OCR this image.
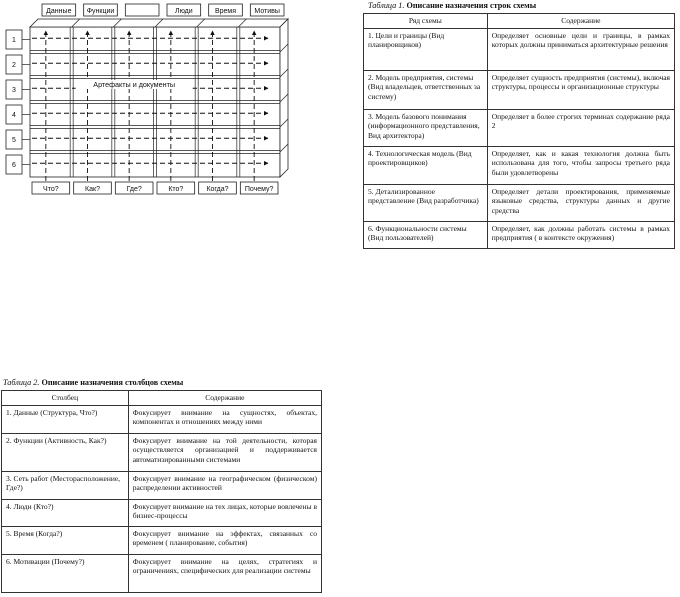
Данные Функции	Люди	Время	Мотивы
1
2
3
4
5
6
Что?	Как?	Где?	Кто?	Когда? Почему?
Артефакты и документы
Таблица 1. Описание назначения строк схемы
Ряд схемы	Содержание
1. Цели и границы (Вид планировщиков)	Определяет основные цели и границы, в рамках которых должны приниматься архитектурные решения
2. Модель предприятия, системы (Вид владельцев, ответственных за систему)	Определяет сущность предприятия (системы), включая структуры, процессы и организационные структуры
3. Модель базового понимания (информационного представления, Вид архитектора)	Определяет в более строгих терминах содержание ряда 2
4. Технологическая модель (Вид проектировщиков)	Определяет, как и какая технология должна быть использована для того, чтобы запросы третьего ряда были удовлетворены
5. Детализированное представление (Вид разработчика)	Определяет детали проектирования, применяемые языковые средства, структуры данных и другие средства
6. Функциональности системы (Вид пользователей)	Определяет, как должны работать системы в рамках предприятия ( в контексте окружения)
Таблица 2. Описание назначения столбцов схемы
Столбец	Содержание
1. Данные (Структура, Что?)	Фокусирует внимание на сущностях, объектах, компонентах и отношениях между ними
2. Функции (Активность, Как?)	Фокусирует внимание на той деятельности, которая осуществляется организацией и поддерживается автоматизированными системами
3. Сеть работ (Месторасположение, Где?)	Фокусирует внимание на географическом (физическом) распределении активностей
4. Люди (Кто?)	Фокусирует внимание на тех лицах, которые вовлечены в бизнес-процессы
5. Время (Когда?)	Фокусирует внимание на эффектах, связанных со временем ( планирование, события)
6. Мотивации (Почему?)	Фокусирует внимание на целях, стратегиях и ограничениях, специфических для реализации системы
